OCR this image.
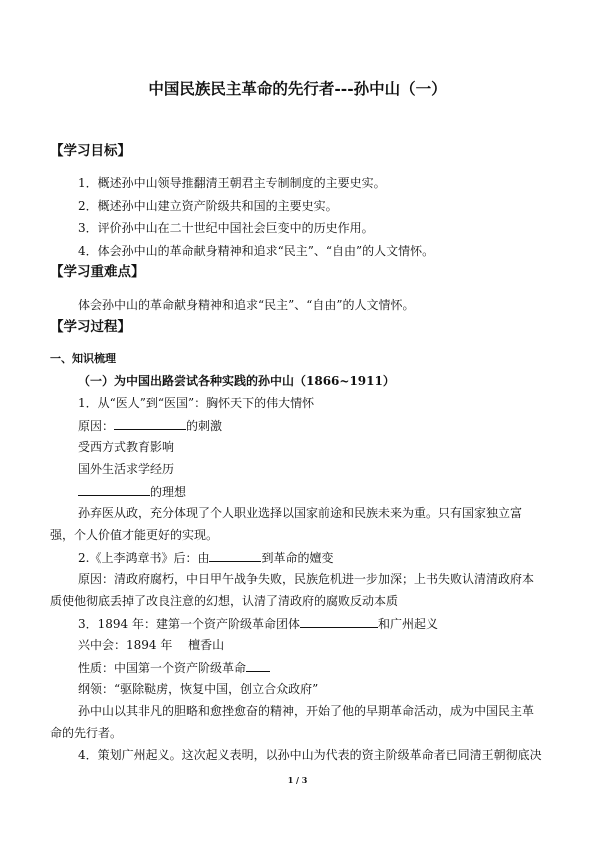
中国民族民主革命的先行者---孙中山（一）
【学习目标】
1．概述孙中山领导推翻清王朝君主专制制度的主要史实。
2．概述孙中山建立资产阶级共和国的主要史实。
3．评价孙中山在二十世纪中国社会巨变中的历史作用。
4．体会孙中山的革命献身精神和追求“民主”、“自由”的人文情怀。
【学习重难点】
体会孙中山的革命献身精神和追求“民主”、“自由”的人文情怀。
【学习过程】
一、知识梳理
（一）为中国出路尝试各种实践的孙中山（1866~1911）
1．从“医人”到“医国”：胸怀天下的伟大情怀
原因：	的刺激
受西方式教育影响
国外生活求学经历
的理想
孙弃医从政，充分体现了个人职业选择以国家前途和民族未来为重。只有国家独立富
强，个人价值才能更好的实现。
2.《上李鸿章书》后：由	到革命的嬗变
原因：清政府腐朽，中日甲午战争失败，民族危机进一步加深；上书失败认清清政府本
质使他彻底丢掉了改良注意的幻想，认清了清政府的腐败反动本质
3．1894 年：建第一个资产阶级革命团体	和广州起义
兴中会：1894 年　 檀香山
性质：中国第一个资产阶级革命
纲领：“驱除鞑虏，恢复中国，创立合众政府”
孙中山以其非凡的胆略和愈挫愈奋的精神，开始了他的早期革命活动，成为中国民主革
命的先行者。
4．策划广州起义。这次起义表明，以孙中山为代表的资主阶级革命者已同清王朝彻底决
1 / 3
